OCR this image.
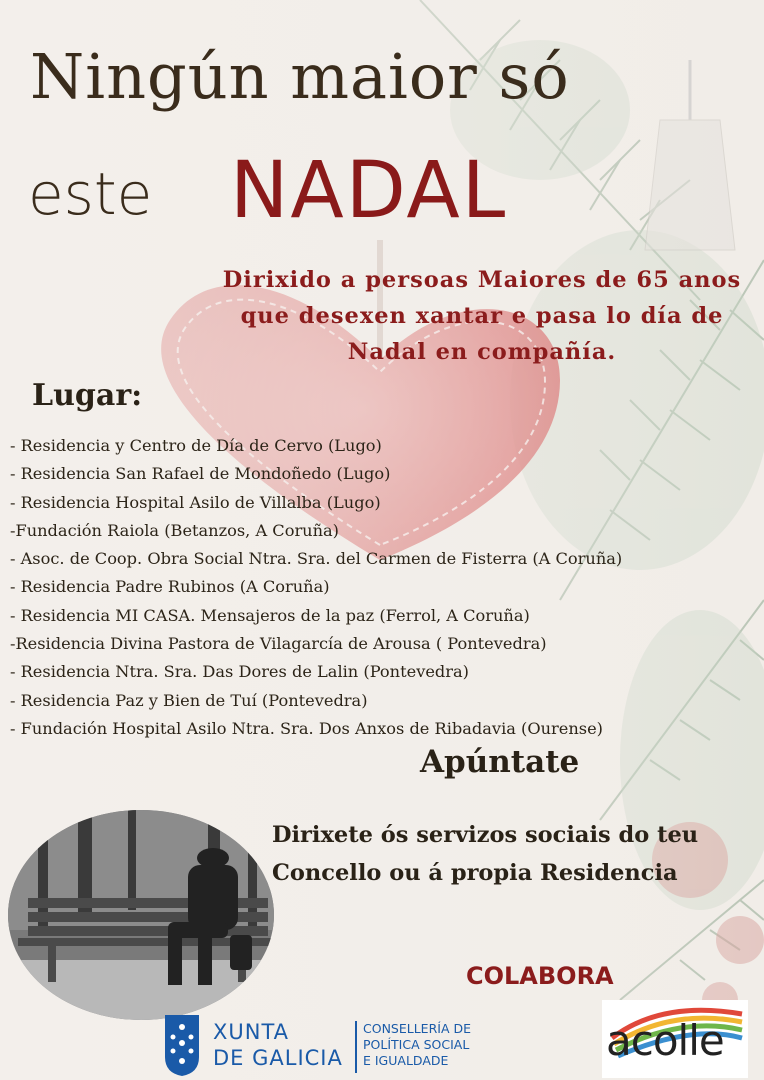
Ningún maior só
este NADAL
Dirixido a persoas Maiores de 65 anos que desexen xantar e pasa lo día de Nadal en compañía.
Lugar:
- Residencia y Centro de Día de Cervo (Lugo)
- Residencia San Rafael de Mondoñedo (Lugo)
- Residencia Hospital Asilo de Villalba (Lugo)
-Fundación Raiola (Betanzos, A Coruña)
- Asoc. de Coop. Obra Social Ntra. Sra. del Carmen de Fisterra (A Coruña)
- Residencia Padre Rubinos (A Coruña)
- Residencia MI CASA. Mensajeros de la paz (Ferrol, A Coruña)
-Residencia Divina Pastora de Vilagarcía de Arousa ( Pontevedra)
- Residencia Ntra. Sra. Das Dores de Lalin (Pontevedra)
- Residencia Paz y Bien de Tuí (Pontevedra)
- Fundación Hospital Asilo Ntra. Sra. Dos Anxos de Ribadavia (Ourense)
Apúntate
Dirixete ós servizos sociais do teu
Concello ou á propia Residencia
COLABORA
XUNTA
DE GALICIA
CONSELLERÍA DE
POLÍTICA SOCIAL
E IGUALDADE	acolle
